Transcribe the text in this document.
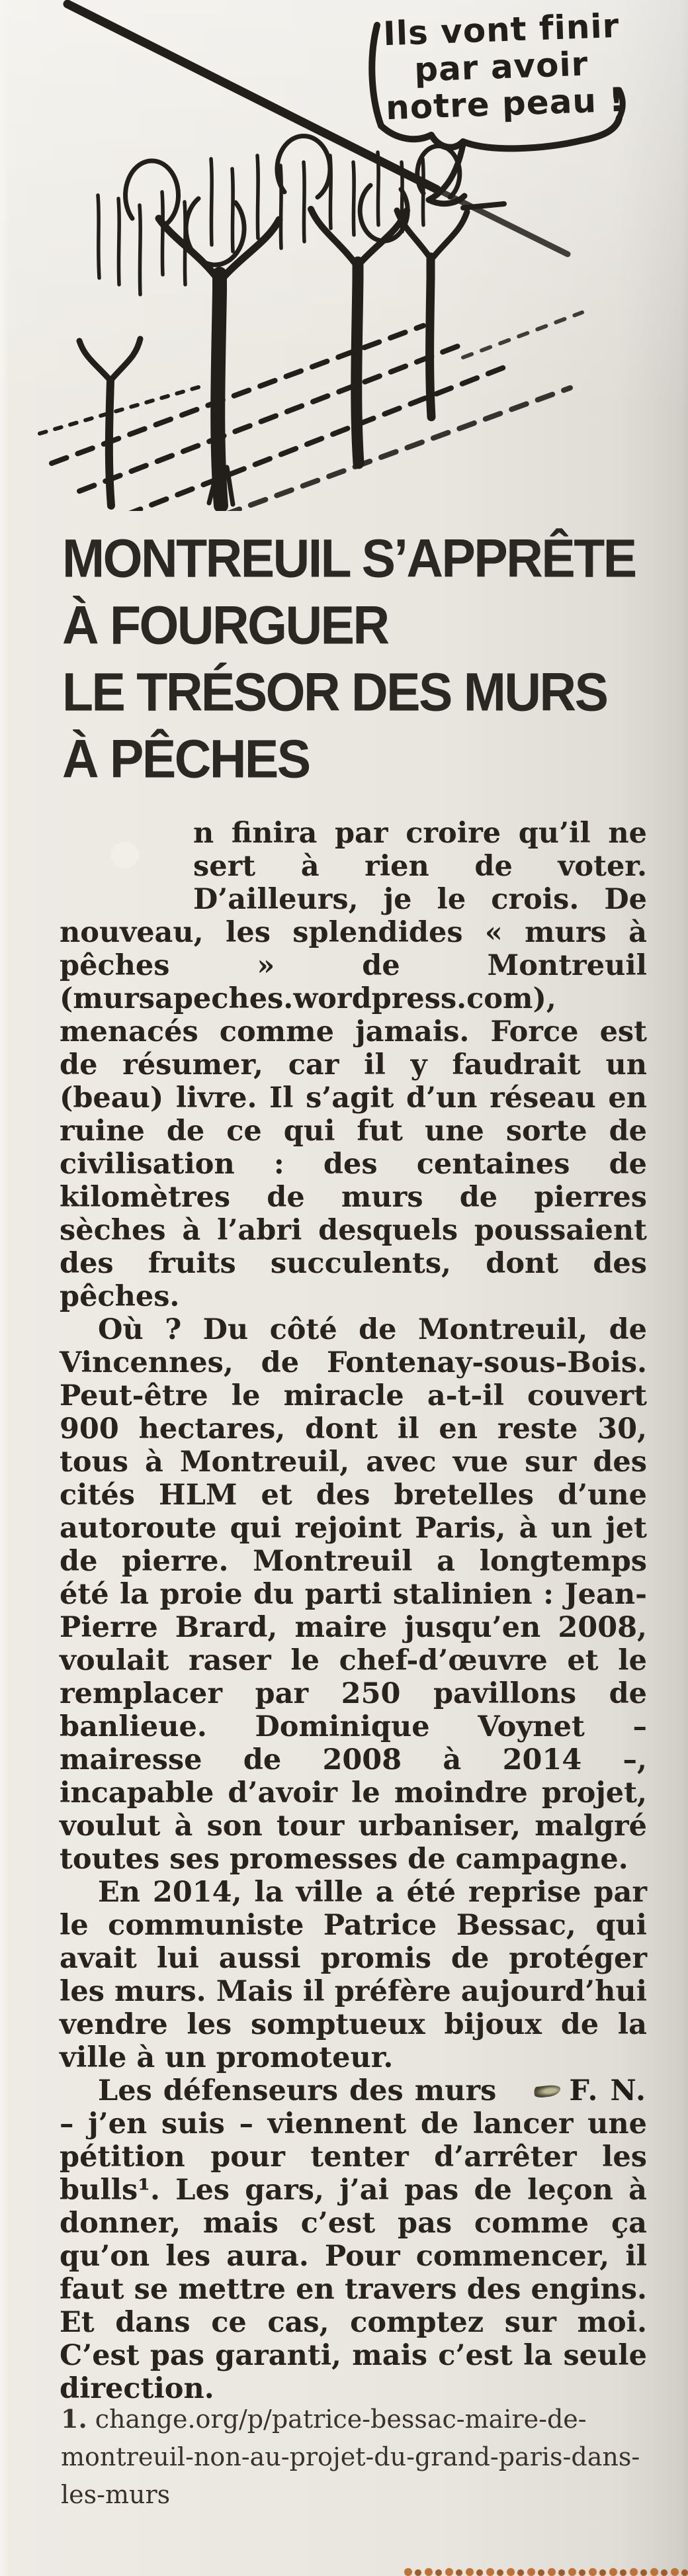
Ils vont finir
par avoir
notre peau !
MONTREUIL S’APPRÊTE
À FOURGUER
LE TRÉSOR DES MURS
À PÊCHES

n finira par croire qu’il ne sert à rien de voter. D’ailleurs, je le crois. De nouveau, les splendides « murs à pêches » de Montreuil (mursapeches.wordpress.com), menacés comme jamais. Force est de résumer, car il y faudrait un (beau) livre. Il s’agit d’un réseau en ruine de ce qui fut une sorte de civilisation : des centaines de kilomètres de murs de pierres sèches à l’abri desquels poussaient des fruits succulents, dont des pêches.

Où ? Du côté de Montreuil, de Vincennes, de Fontenay-sous-Bois. Peut-être le miracle a-t-il couvert 900 hectares, dont il en reste 30, tous à Montreuil, avec vue sur des cités HLM et des bretelles d’une autoroute qui rejoint Paris, à un jet de pierre. Montreuil a longtemps été la proie du parti stalinien : Jean-Pierre Brard, maire jusqu’en 2008, voulait raser le chef-d’œuvre et le remplacer par 250 pavillons de banlieue. Dominique Voynet – mairesse de 2008 à 2014 –, incapable d’avoir le moindre projet, voulut à son tour urbaniser, malgré toutes ses promesses de campagne.

En 2014, la ville a été reprise par le communiste Patrice Bessac, qui avait lui aussi promis de protéger les murs. Mais il préfère aujourd’hui vendre les somptueux bijoux de la ville à un promoteur.

F. N.
Les défenseurs des murs – j’en suis – viennent de lancer une pétition pour tenter d’arrêter les bulls¹. Les gars, j’ai pas de leçon à donner, mais c’est pas comme ça qu’on les aura. Pour commencer, il faut se mettre en travers des engins. Et dans ce cas, comptez sur moi. C’est pas garanti, mais c’est la seule direction.

1. change.org/p/patrice-bessac-maire-de-montreuil-non-au-projet-du-grand-paris-dans-les-murs
